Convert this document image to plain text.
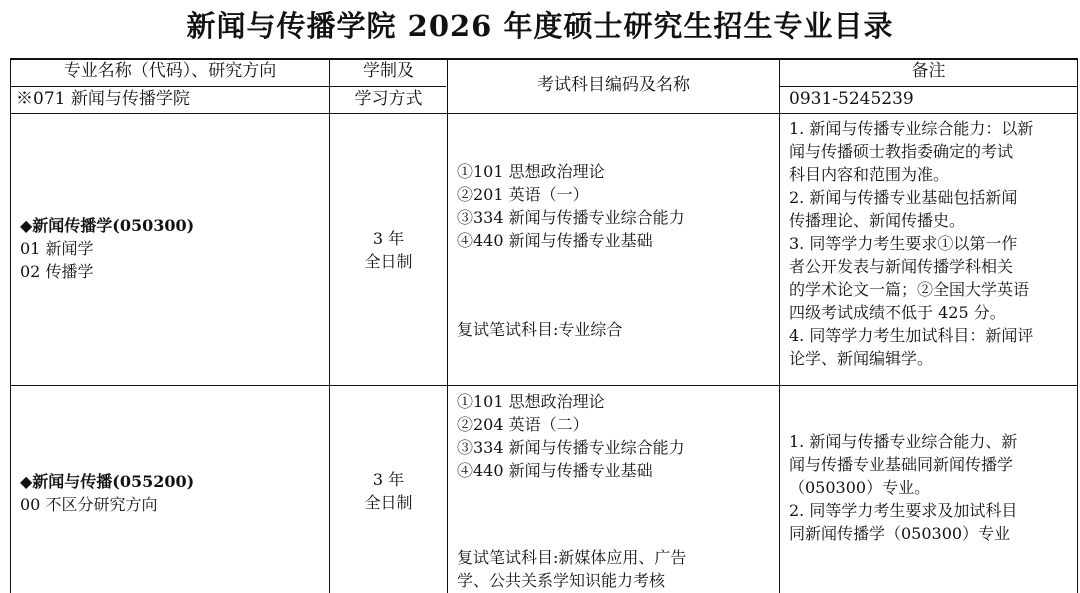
新闻与传播学院 2026 年度硕士研究生招生专业目录
专业名称（代码）、研究方向
※071 新闻与传播学院
学制及
学习方式
考试科目编码及名称
备注
0931-5245239
◆新闻传播学(050300)
01 新闻学
02 传播学
3 年
全日制
①101 思想政治理论
②201 英语（一）
③334 新闻与传播专业综合能力
④440 新闻与传播专业基础
复试笔试科目:专业综合
1. 新闻与传播专业综合能力：以新
闻与传播硕士教指委确定的考试
科目内容和范围为准。
2. 新闻与传播专业基础包括新闻
传播理论、新闻传播史。
3. 同等学力考生要求①以第一作
者公开发表与新闻传播学科相关
的学术论文一篇；②全国大学英语
四级考试成绩不低于 425 分。
4. 同等学力考生加试科目：新闻评
论学、新闻编辑学。
◆新闻与传播(055200)
00 不区分研究方向
3 年
全日制
①101 思想政治理论
②204 英语（二）
③334 新闻与传播专业综合能力
④440 新闻与传播专业基础
复试笔试科目:新媒体应用、广告
学、公共关系学知识能力考核
1. 新闻与传播专业综合能力、新
闻与传播专业基础同新闻传播学
（050300）专业。
2. 同等学力考生要求及加试科目
同新闻传播学（050300）专业
